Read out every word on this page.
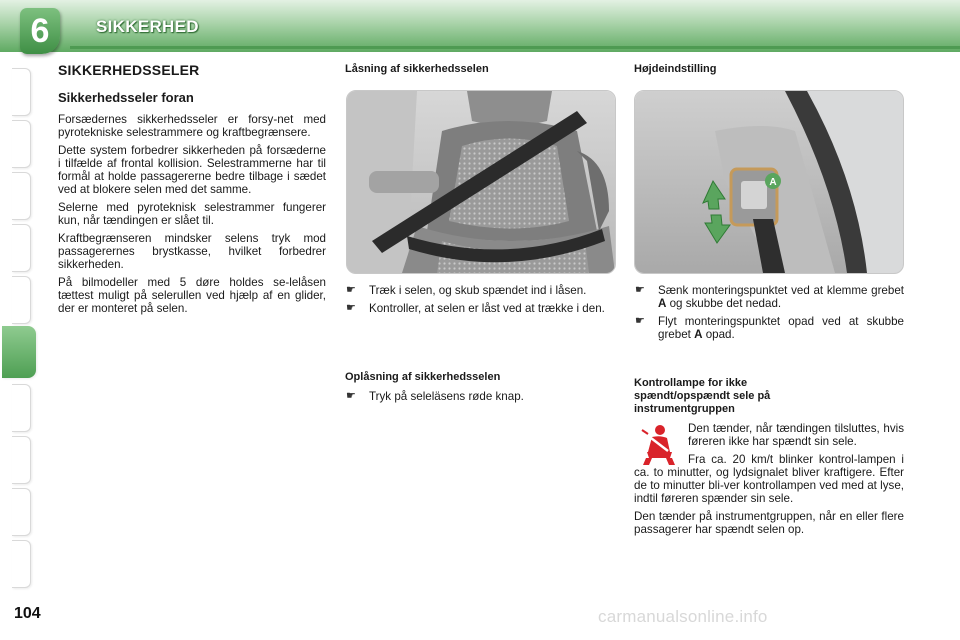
6	SIKKERHED
SIKKERHEDSSELER
Sikkerhedsseler foran

Forsædernes sikkerhedsseler er forsy-net med pyrotekniske selestrammere og kraftbegrænsere.

Dette system forbedrer sikkerheden på forsæderne i tilfælde af frontal kollision. Selestrammerne har til formål at holde passagererne bedre tilbage i sædet ved at blokere selen med det samme.

Selerne med pyroteknisk selestrammer fungerer kun, når tændingen er slået til.

Kraftbegrænseren mindsker selens tryk mod passagerernes brystkasse, hvilket forbedrer sikkerheden.

På bilmodeller med 5 døre holdes se-lelåsen tættest muligt på selerullen ved hjælp af en glider, der er monteret på selen.

Låsning af sikkerhedsselen
☛ Træk i selen, og skub spændet ind i låsen.
☛ Kontroller, at selen er låst ved at trække i den.
Oplåsning af sikkerhedsselen
☛ Tryk på seleläsens røde knap.
Højdeindstilling
A
☛ Sænk monteringspunktet ved at klemme grebet A og skubbe det nedad.
☛ Flyt monteringspunktet opad ved at skubbe grebet A opad.
Kontrollampe for ikke spændt/opspændt sele på instrumentgruppen

Den tænder, når tændingen tilsluttes, hvis føreren ikke har spændt sin sele.

Fra ca. 20 km/t blinker kontrol-lampen i ca. to minutter, og lydsignalet bliver kraftigere. Efter de to minutter bli-ver kontrollampen ved med at lyse, indtil føreren spænder sin sele.

Den tænder på instrumentgruppen, når en eller flere passagerer har spændt selen op.

104	carmanualsonline.info
